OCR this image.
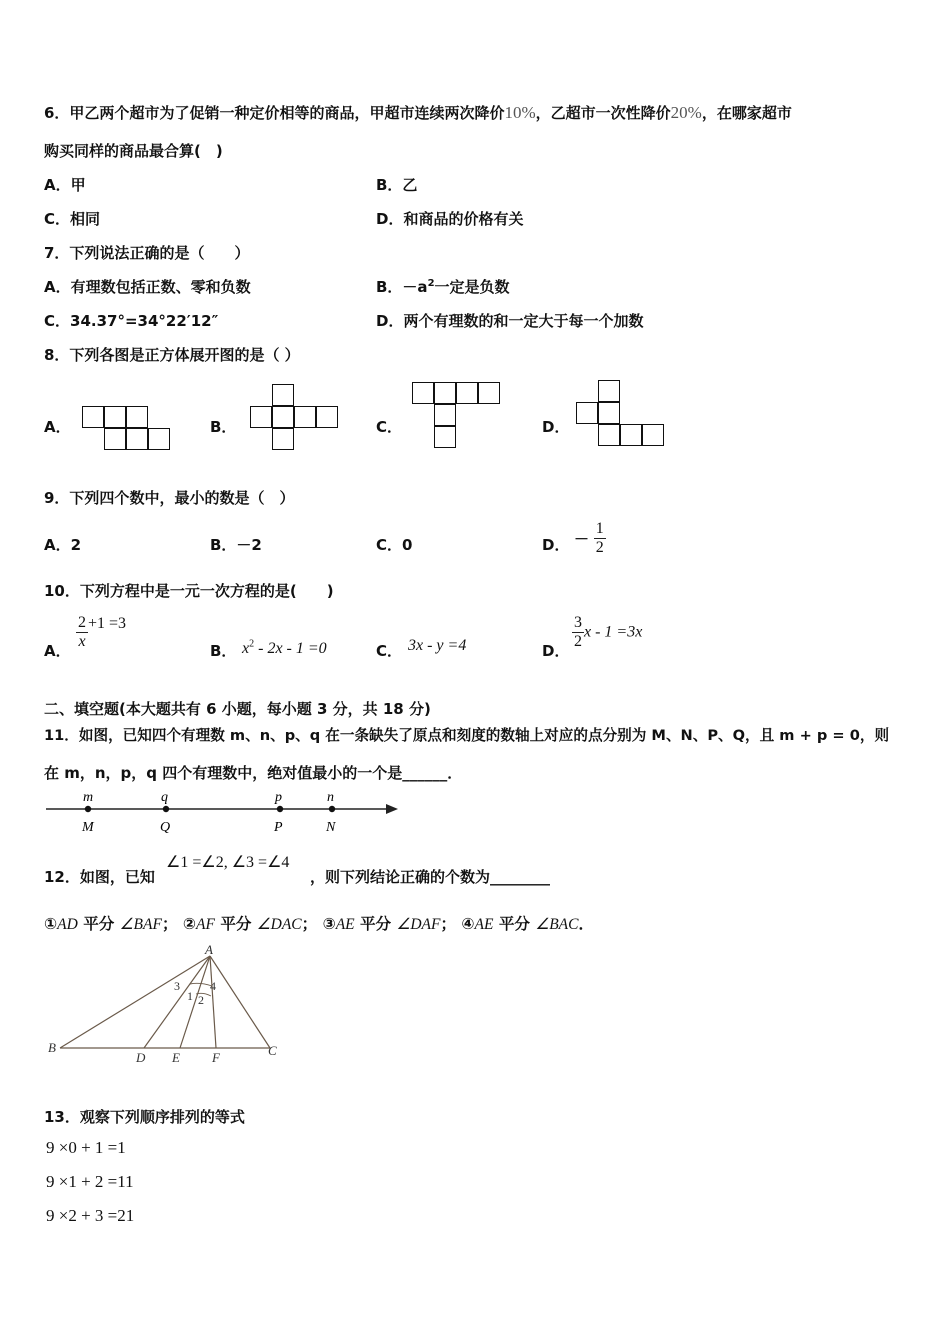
6．甲乙两个超市为了促销一种定价相等的商品，甲超市连续两次降价10%，乙超市一次性降价20%，在哪家超市
购买同样的商品最合算(　)
A．甲	B．乙
C．相同	D．和商品的价格有关
7．下列说法正确的是（　　）
A．有理数包括正数、零和负数	B．$-a^2$一定是负数
C．34.37°=34°22′12″	D．两个有理数的和一定大于每一个加数
8．下列各图是正方体展开图的是（ ）
A．	B．	C．	D．
9．下列四个数中，最小的数是（　）
A．2	B．－2	C．0	D． － $\frac{1}{2}$
10．下列方程中是一元一次方程的是(　　)
A． $\frac{2}{x} +1 =3$
B． $x^2 - 2x - 1 =0$	C． 3x - y =4	D． $\frac{3}{2}$ x - 1 =3x
二、填空题(本大题共有 6 小题，每小题 3 分，共 18 分)
11．如图，已知四个有理数 m、n、p、q 在一条缺失了原点和刻度的数轴上对应的点分别为 M、N、P、Q，且 m + p = 0，则
在 m，n，p，q 四个有理数中，绝对值最小的一个是______．
m
M
q
Q
p
P
n
N
12．如图，已知
∠1 =∠2, ∠3 =∠4
，则下列结论正确的个数为________
①AD 平分 ∠BAF； ②AF 平分 ∠DAC； ③AE 平分 ∠DAF； ④AE 平分 ∠BAC．
A
B	C
D E F
1 2
3	4
13．观察下列顺序排列的等式
9 ×0 + 1 =1
9 ×1 + 2 =11
9 ×2 + 3 =21
